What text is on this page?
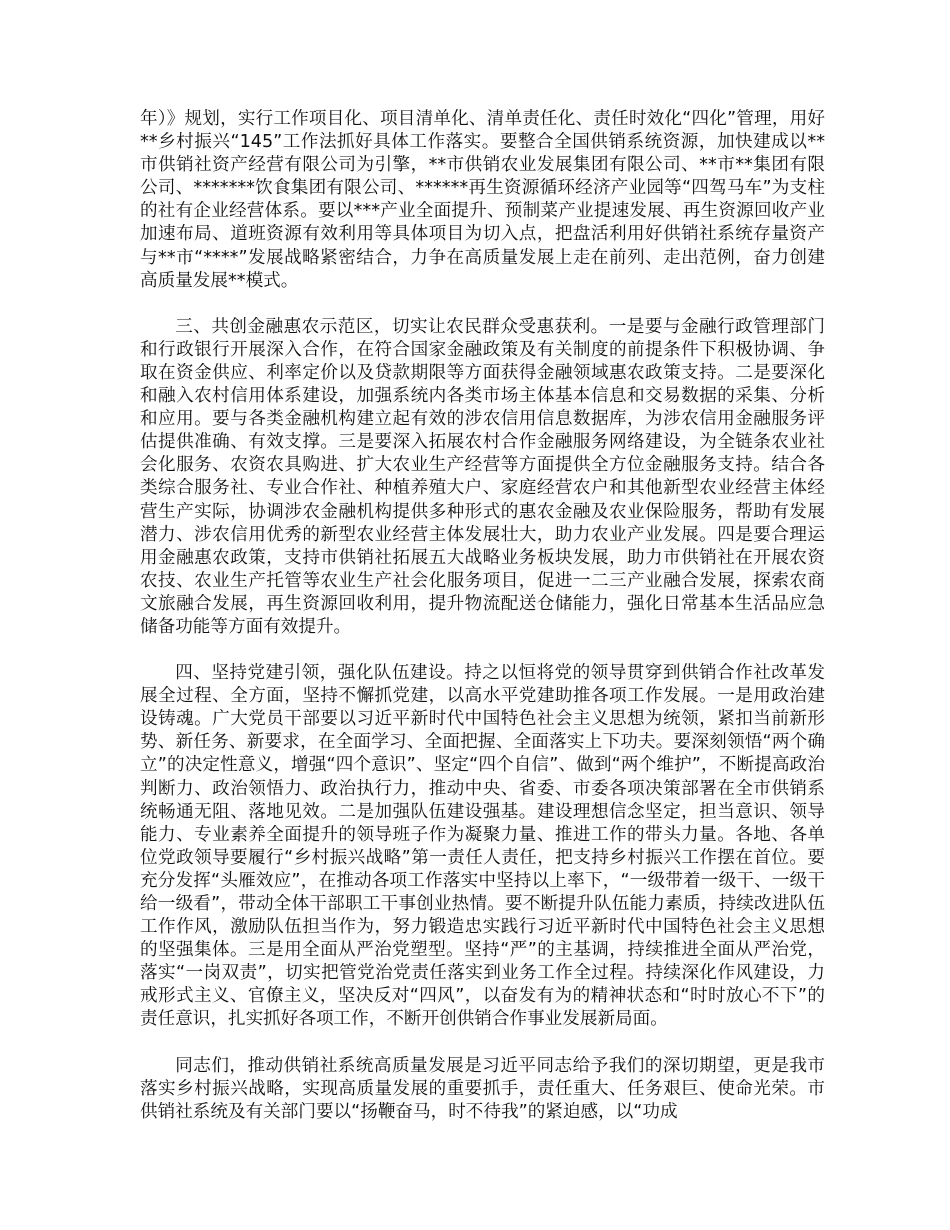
年）》规划，实行工作项目化、项目清单化、清单责任化、责任时效化“四化”管理，用好**乡村振兴“145”工作法抓好具体工作落实。要整合全国供销系统资源，加快建成以**市供销社资产经营有限公司为引擎，**市供销农业发展集团有限公司、**市**集团有限公司、*******饮食集团有限公司、******再生资源循环经济产业园等“四驾马车”为支柱的社有企业经营体系。要以***产业全面提升、预制菜产业提速发展、再生资源回收产业加速布局、道班资源有效利用等具体项目为切入点，把盘活利用好供销社系统存量资产与**市“****”发展战略紧密结合，力争在高质量发展上走在前列、走出范例，奋力创建高质量发展**模式。

三、共创金融惠农示范区，切实让农民群众受惠获利。一是要与金融行政管理部门和行政银行开展深入合作，在符合国家金融政策及有关制度的前提条件下积极协调、争取在资金供应、利率定价以及贷款期限等方面获得金融领域惠农政策支持。二是要深化和融入农村信用体系建设，加强系统内各类市场主体基本信息和交易数据的采集、分析和应用。要与各类金融机构建立起有效的涉农信用信息数据库，为涉农信用金融服务评估提供准确、有效支撑。三是要深入拓展农村合作金融服务网络建设，为全链条农业社会化服务、农资农具购进、扩大农业生产经营等方面提供全方位金融服务支持。结合各类综合服务社、专业合作社、种植养殖大户、家庭经营农户和其他新型农业经营主体经营生产实际，协调涉农金融机构提供多种形式的惠农金融及农业保险服务，帮助有发展潜力、涉农信用优秀的新型农业经营主体发展壮大，助力农业产业发展。四是要合理运用金融惠农政策，支持市供销社拓展五大战略业务板块发展，助力市供销社在开展农资农技、农业生产托管等农业生产社会化服务项目，促进一二三产业融合发展，探索农商文旅融合发展，再生资源回收利用，提升物流配送仓储能力，强化日常基本生活品应急储备功能等方面有效提升。

四、坚持党建引领，强化队伍建设。持之以恒将党的领导贯穿到供销合作社改革发展全过程、全方面，坚持不懈抓党建，以高水平党建助推各项工作发展。一是用政治建设铸魂。广大党员干部要以习近平新时代中国特色社会主义思想为统领，紧扣当前新形势、新任务、新要求，在全面学习、全面把握、全面落实上下功夫。要深刻领悟“两个确立”的决定性意义，增强“四个意识”、坚定“四个自信”、做到“两个维护”，不断提高政治判断力、政治领悟力、政治执行力，推动中央、省委、市委各项决策部署在全市供销系统畅通无阻、落地见效。二是加强队伍建设强基。建设理想信念坚定，担当意识、领导能力、专业素养全面提升的领导班子作为凝聚力量、推进工作的带头力量。各地、各单位党政领导要履行“乡村振兴战略”第一责任人责任，把支持乡村振兴工作摆在首位。要充分发挥“头雁效应”，在推动各项工作落实中坚持以上率下，“一级带着一级干、一级干给一级看”，带动全体干部职工干事创业热情。要不断提升队伍能力素质，持续改进队伍工作作风，激励队伍担当作为，努力锻造忠实践行习近平新时代中国特色社会主义思想的坚强集体。三是用全面从严治党塑型。坚持“严”的主基调，持续推进全面从严治党，落实“一岗双责”，切实把管党治党责任落实到业务工作全过程。持续深化作风建设，力戒形式主义、官僚主义，坚决反对“四风”，以奋发有为的精神状态和“时时放心不下”的责任意识，扎实抓好各项工作，不断开创供销合作事业发展新局面。

同志们，推动供销社系统高质量发展是习近平同志给予我们的深切期望，更是我市落实乡村振兴战略，实现高质量发展的重要抓手，责任重大、任务艰巨、使命光荣。市供销社系统及有关部门要以“扬鞭奋马，时不待我”的紧迫感，以“功成
